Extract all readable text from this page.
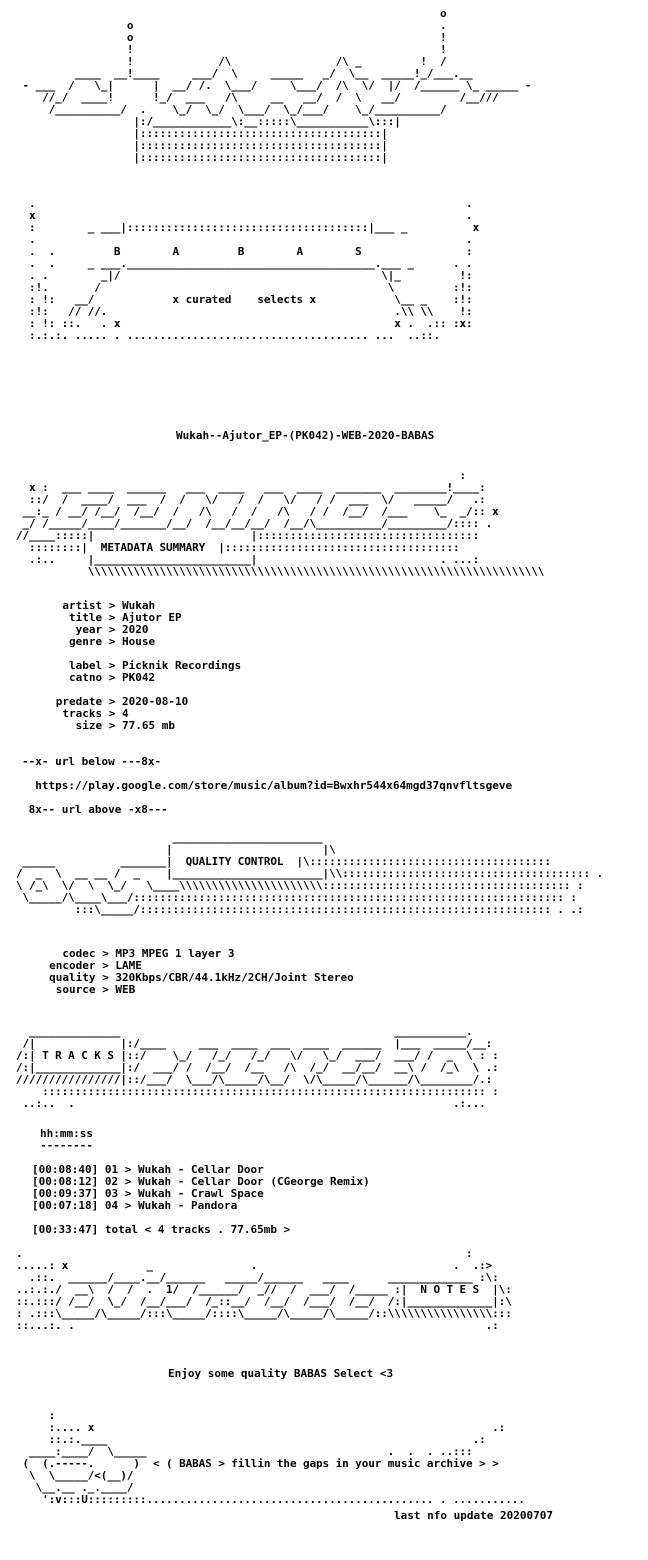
o
o                                               .
o                                               !
!                                               !
!             /\                /\ _         !  /
____  __!____     ___/  \     _____   _/  \__  _____!_/___.__
- ___  /   \_|      |  __/ /.  \___/     \___/  /\  \/  |/  /______ \_ _____ -
//_/  ____!      !_/  ___   /\     __   __/  /  \   __/         /__///
/__________/  .    \_/  \_/  \___/  \_/___/    \_/__________/
|:/____________\:__:::::\___________\:::|
|:::::::::::::::::::::::::::::::::::::|
|:::::::::::::::::::::::::::::::::::::|
|:::::::::::::::::::::::::::::::::::::|
.                                                                  .
x                                                                  .
:        _ ___|:::::::::::::::::::::::::::::::::::::|___ _          x
.                                                                  .
.  .         B        A         B        A        S                :
.  .     _ ___.______________________________________.___ _      . .
. .        _|/                                        \|_         !:
:!.       /                                            \         :!:
: !:   __/            x curated    selects x            \__ _    :!:
:!:   // //.                                            .\\ \\    !:
: !: ::.   . x                                          x .  .:: :x:
:.:.:. ..... . ..................................... ...  ..::.
Wukah--Ajutor_EP-(PK042)-WEB-2020-BABAS
:
x :  ___ ____  ______   ___  ____   ___  ____  _______  ________!____:
::/  /  ____/  ___  /  /   \/   /  /   \/   / /  ___  \/   _____/   .:
__:_ / __/ /__/  /__/  /   /\   /  /   /\   / /  /__/  /___    \_  _/:: x
_/ /_____/____/_______/__/  /__/__/__/  /__/\__________/_________/:::: .
//____:::::|                        |::::::::::::::::::::::::::::::::::
::::::::|  METADATA SUMMARY  |::::::::::::::::::::::::::::::::::::
.:..     |________________________|                            . ...:
\\\\\\\\\\\\\\\\\\\\\\\\\\\\\\\\\\\\\\\\\\\\\\\\\\\\\\\\\\\\\\\\\\\\\\
artist > Wukah
title > Ajutor EP
year > 2020
genre > House

label > Picknik Recordings
catno > PK042

predate > 2020-08-10
tracks > 4
size > 77.65 mb
--x- url below ---8x-
https://play.google.com/store/music/album?id=Bwxhr544x64mgd37qnvfltsgeve
8x-- url above -x8---
_______________________
|                       |\
_____          _______|  QUALITY CONTROL  |\:::::::::::::::::::::::::::::::::::::
/  _  \  __ __ /  _    |_______________________|\\:::::::::::::::::::::::::::::::::::::: .
\ /_\  \/  \  \_/   \____\\\\\\\\\\\\\\\\\\\\\\:::::::::::::::::::::::::::::::::::::: :
\_____/\____\___/:::::::::::::::::::::::::::::::::::::::::::::::::::::::::::::::::: :
:::\_____/::::::::::::::::::::::::::::::::::::::::::::::::::::::::::::::: . .:
codec > MP3 MPEG 1 layer 3
encoder > LAME
quality > 320Kbps/CBR/44.1kHz/2CH/Joint Stereo
source > WEB
______________                                          ___________.
/|             |:/____     ___  ____  ___  ____  ______  |___  _____/__:
/:| T R A C K S |::/    \_/   /_/   /_/   \/   \_/  ___/  ___/ /  _  \ : :
/:|_____________|:/  ___/ /  /__/  /__   /\  /_/  __/__/  __\ /  /_\  \ .:
////////////////|::/___/  \___/\_____/\__/  \/\_____/\______/\________/.:
:::::::::::::::::::::::::::::::::::::::::::::::::::::::::::::::::::: :
..:..  .                                                          .:...
hh:mm:ss
--------
[00:08:40] 01 > Wukah - Cellar Door
[00:08:12] 02 > Wukah - Cellar Door (CGeorge Remix)
[00:09:37] 03 > Wukah - Crawl Space
[00:07:18] 04 > Wukah - Pandora
[00:33:47] total < 4 tracks . 77.65mb >
.                                                                    :
.....: x            _               .                              .  .:>
.::.  ______/____.__/______   _____/______   ____      _____________ :\:
..:.:./  __\  /  /  .  1/  /______/  _//  /  ___/  /_____ :|  N O T E S  |\:
::.:::/ /__/  \_/  /__/___/  /_::__/  /__/  /___/  /__/  /:|_____________|:\
: .:::\_____/\_____/:::\_____/::::\_____/\_____/\_____/::\\\\\\\\\\\\\\\\:::
::...:. .                                                               .:
Enjoy some quality BABAS Select <3
:
:.... x                                                             .:
::.:.____                                                        .:
____:____/  \_____                                     .  .  . ..:::
(  (.-----.      )  < ( BABAS > fillin the gaps in your music archive > >
\  \_____/<(__)/
\__.__ ._.____/
':v:::U:::::::::............................................ . ...........
last nfo update 20200707
